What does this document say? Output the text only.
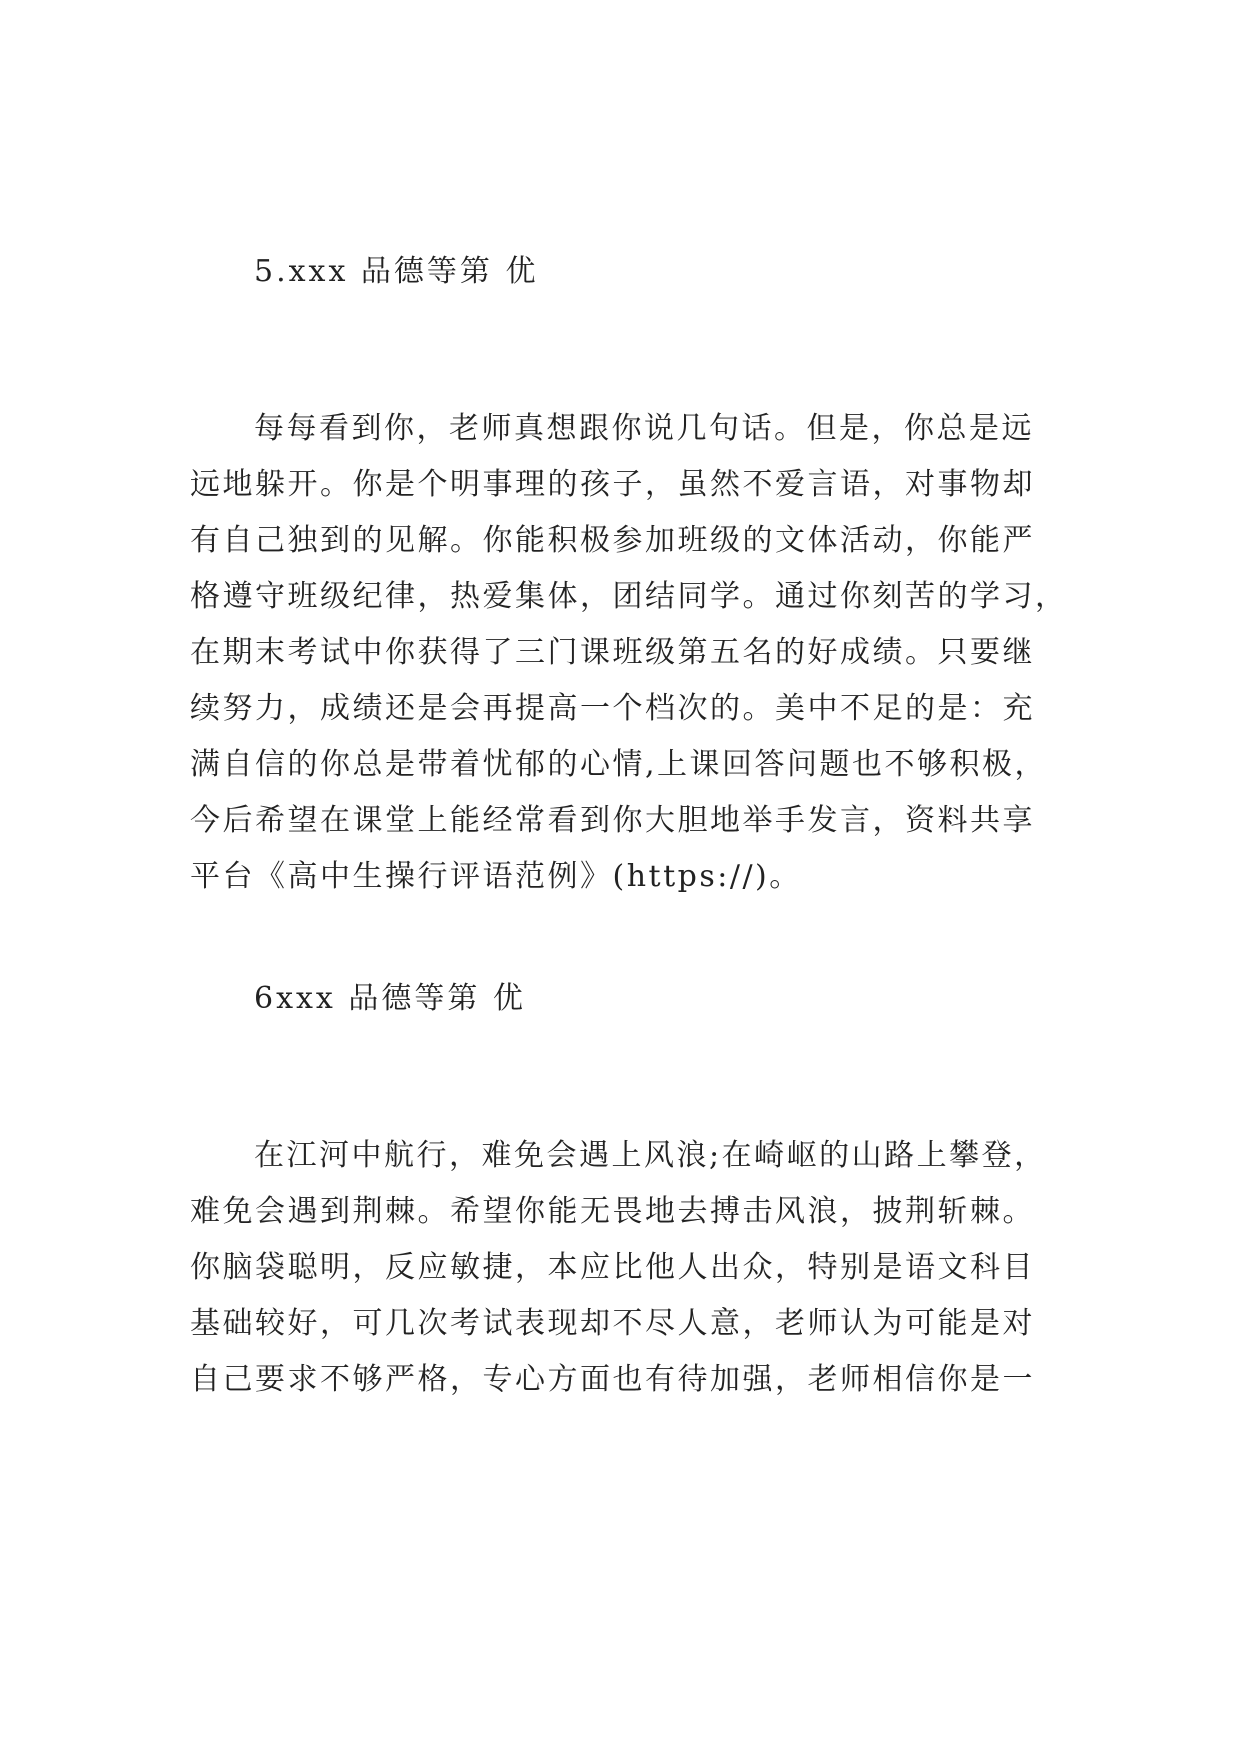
5.xxx 品德等第 优
每每看到你，老师真想跟你说几句话。但是，你总是远
远地躲开。你是个明事理的孩子，虽然不爱言语，对事物却
有自己独到的见解。你能积极参加班级的文体活动，你能严
格遵守班级纪律，热爱集体，团结同学。通过你刻苦的学习，
在期末考试中你获得了三门课班级第五名的好成绩。只要继
续努力，成绩还是会再提高一个档次的。美中不足的是：充
满自信的你总是带着忧郁的心情,上课回答问题也不够积极，
今后希望在课堂上能经常看到你大胆地举手发言，资料共享
平台《高中生操行评语范例》(https://)。
6xxx 品德等第 优
在江河中航行，难免会遇上风浪;在崎岖的山路上攀登，
难免会遇到荆棘。希望你能无畏地去搏击风浪，披荆斩棘。
你脑袋聪明，反应敏捷，本应比他人出众，特别是语文科目
基础较好，可几次考试表现却不尽人意，老师认为可能是对
自己要求不够严格，专心方面也有待加强，老师相信你是一
